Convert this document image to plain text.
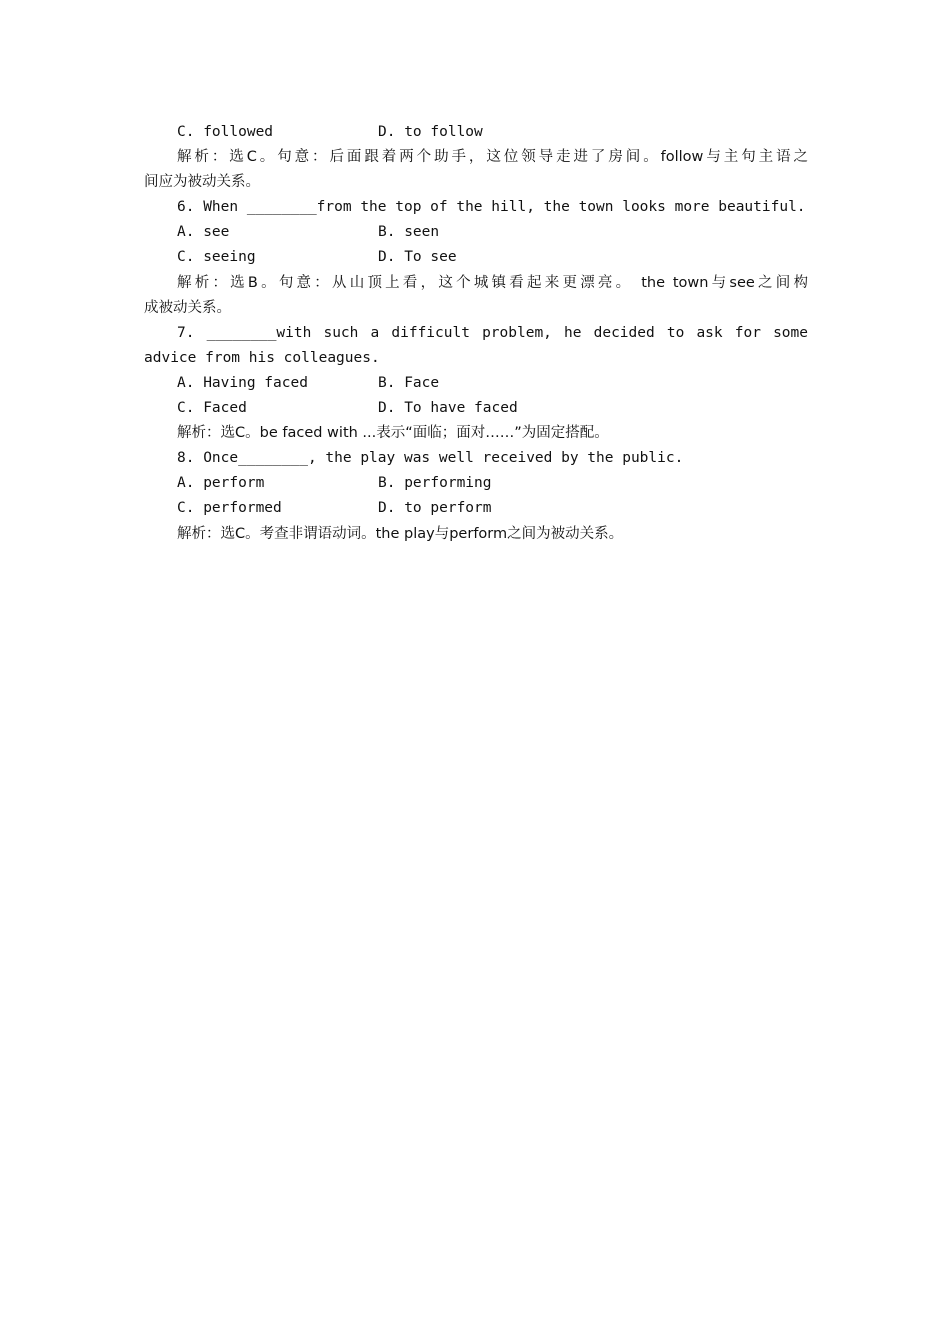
C. followed	D. to follow
解析：选C。句意：后面跟着两个助手，这位领导走进了房间。follow与主句主语之
间应为被动关系。
6. When ________from the top of the hill, the town looks more beautiful.
A. see	B. seen
C. seeing	D. To see
解析：选B。句意：从山顶上看，这个城镇看起来更漂亮。 the town与see之间构
成被动关系。
7. ________with such a difficult problem, he decided to ask for some
advice from his colleagues.
A. Having faced	B. Face
C. Faced	D. To have faced
解析：选C。be faced with ...表示“面临；面对……”为固定搭配。
8. Once________, the play was well received by the public.
A. perform	B. performing
C. performed	D. to perform
解析：选C。考查非谓语动词。the play与perform之间为被动关系。
